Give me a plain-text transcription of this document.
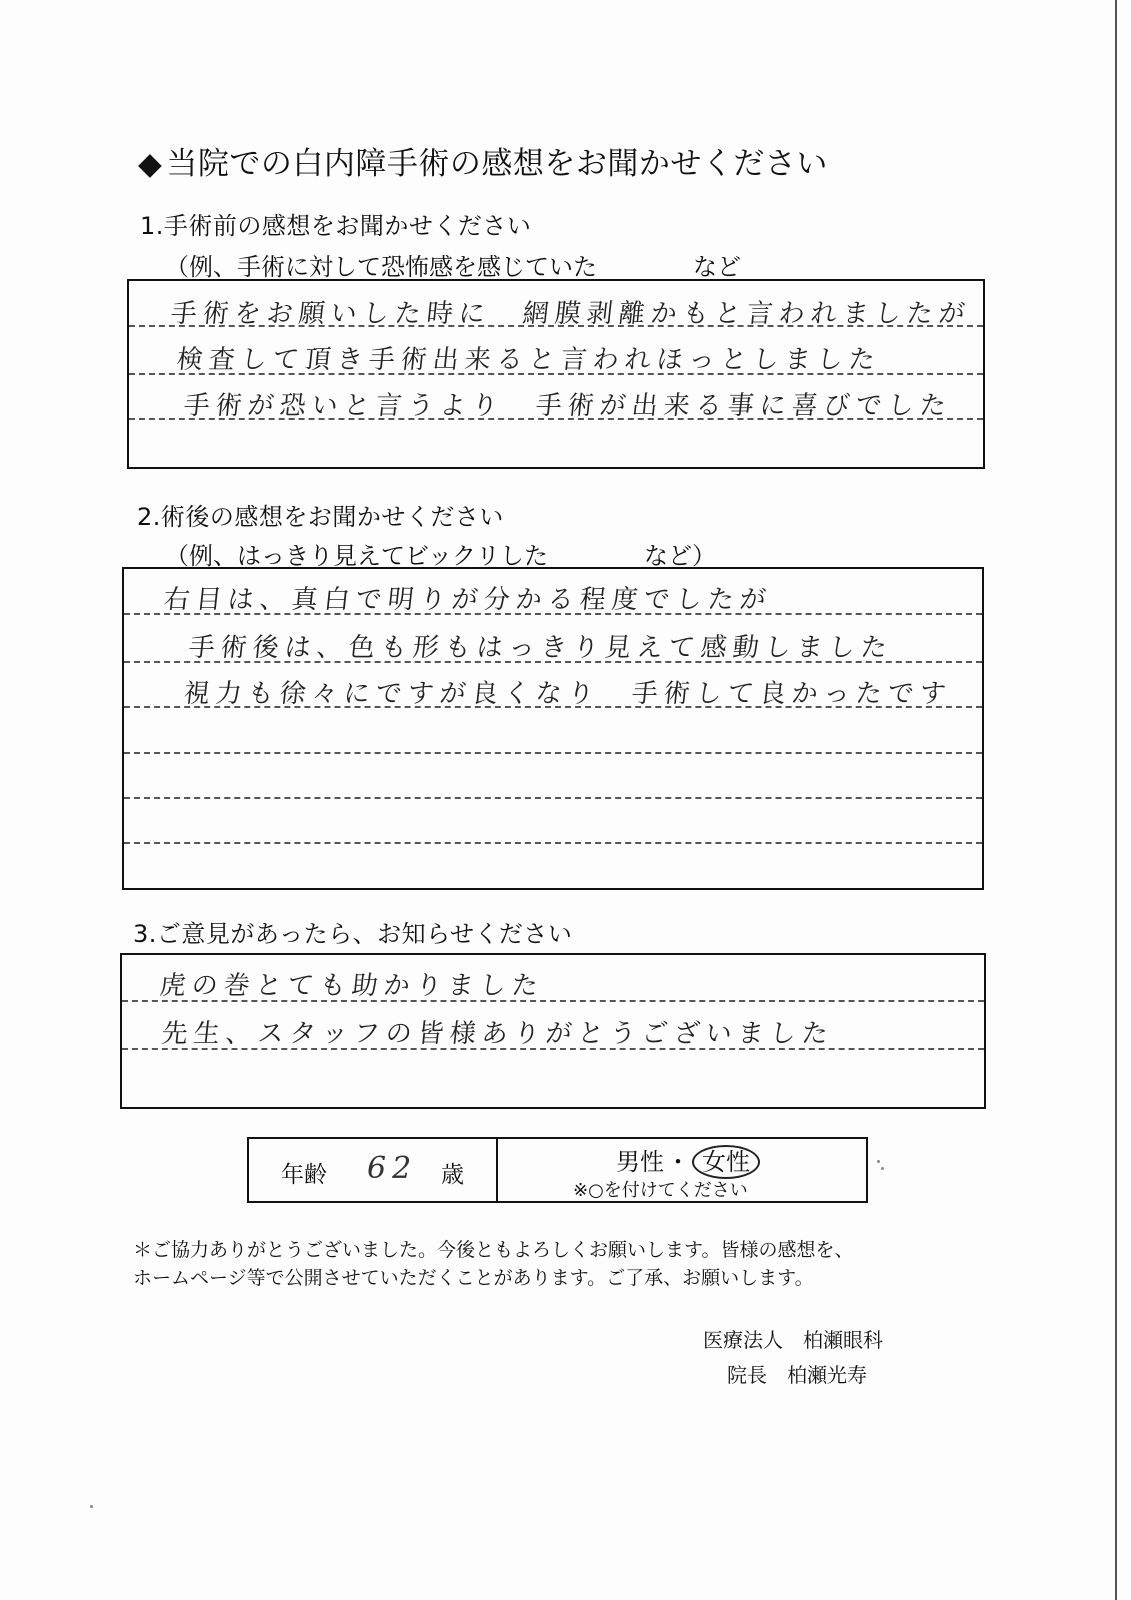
◆ 当院での白内障手術の感想をお聞かせください
1.手術前の感想をお聞かせください
（例、手術に対して恐怖感を感じていた　　　　など
手術をお願いした時に　網膜剥離かもと言われましたが
検査して頂き手術出来ると言われほっとしました
手術が恐いと言うより　手術が出来る事に喜びでした
2.術後の感想をお聞かせください
（例、はっきり見えてビックリした　　　　など）
右目は、真白で明りが分かる程度でしたが
手術後は、色も形もはっきり見えて感動しました
視力も徐々にですが良くなり　手術して良かったです
3.ご意見があったら、お知らせください
虎の巻とても助かりました
先生、スタッフの皆様ありがとうございました
年齢 62 歳	男性・ 女性
※○を付けてください
＊ご協力ありがとうございました。今後ともよろしくお願いします。皆様の感想を、
ホームページ等で公開させていただくことがあります。ご了承、お願いします。
医療法人　柏瀬眼科
院長　柏瀬光寿
